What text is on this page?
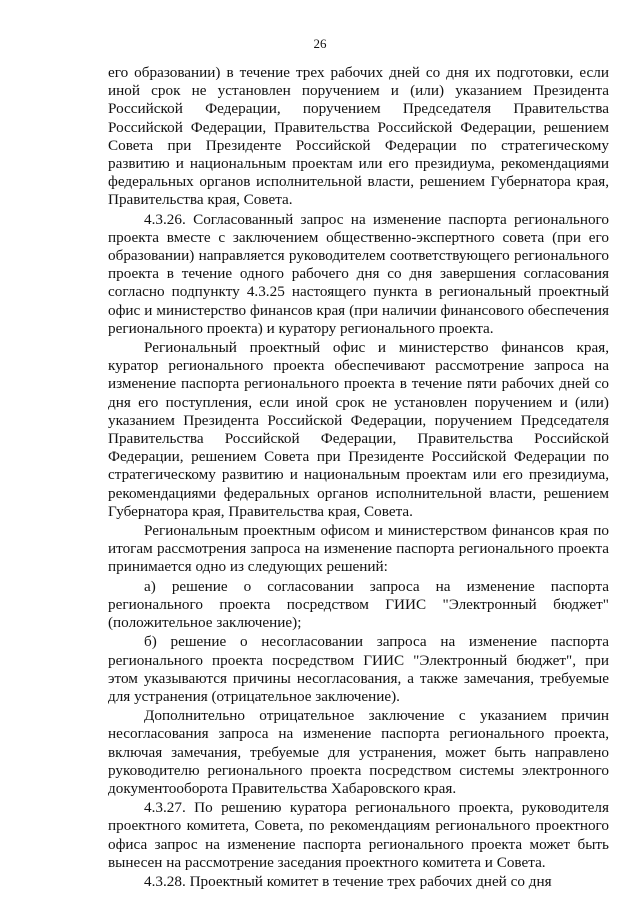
26

его образовании) в течение трех рабочих дней со дня их подготовки, если иной срок не установлен поручением и (или) указанием Президента Российской Федерации, поручением Председателя Правительства Российской Федерации, Правительства Российской Федерации, решением Совета при Президенте Российской Федерации по стратегическому развитию и национальным проектам или его президиума, рекомендациями федеральных органов исполнительной власти, решением Губернатора края, Правительства края, Совета.

4.3.26. Согласованный запрос на изменение паспорта регионального проекта вместе с заключением общественно-экспертного совета (при его образовании) направляется руководителем соответствующего регионального проекта в течение одного рабочего дня со дня завершения согласования согласно подпункту 4.3.25 настоящего пункта в региональный проектный офис и министерство финансов края (при наличии финансового обеспечения регионального проекта) и куратору регионального проекта.

Региональный проектный офис и министерство финансов края, куратор регионального проекта обеспечивают рассмотрение запроса на изменение паспорта регионального проекта в течение пяти рабочих дней со дня его поступления, если иной срок не установлен поручением и (или) указанием Президента Российской Федерации, поручением Председателя Правительства Российской Федерации, Правительства Российской Федерации, решением Совета при Президенте Российской Федерации по стратегическому развитию и национальным проектам или его президиума, рекомендациями федеральных органов исполнительной власти, решением Губернатора края, Правительства края, Совета.

Региональным проектным офисом и министерством финансов края по итогам рассмотрения запроса на изменение паспорта регионального проекта принимается одно из следующих решений:

а) решение о согласовании запроса на изменение паспорта регионального проекта посредством ГИИС "Электронный бюджет" (положительное заключение);

б) решение о несогласовании запроса на изменение паспорта регионального проекта посредством ГИИС "Электронный бюджет", при этом указываются причины несогласования, а также замечания, требуемые для устранения (отрицательное заключение).

Дополнительно отрицательное заключение с указанием причин несогласования запроса на изменение паспорта регионального проекта, включая замечания, требуемые для устранения, может быть направлено руководителю регионального проекта посредством системы электронного документооборота Правительства Хабаровского края.

4.3.27. По решению куратора регионального проекта, руководителя проектного комитета, Совета, по рекомендациям регионального проектного офиса запрос на изменение паспорта регионального проекта может быть вынесен на рассмотрение заседания проектного комитета и Совета.

4.3.28. Проектный комитет в течение трех рабочих дней со дня
